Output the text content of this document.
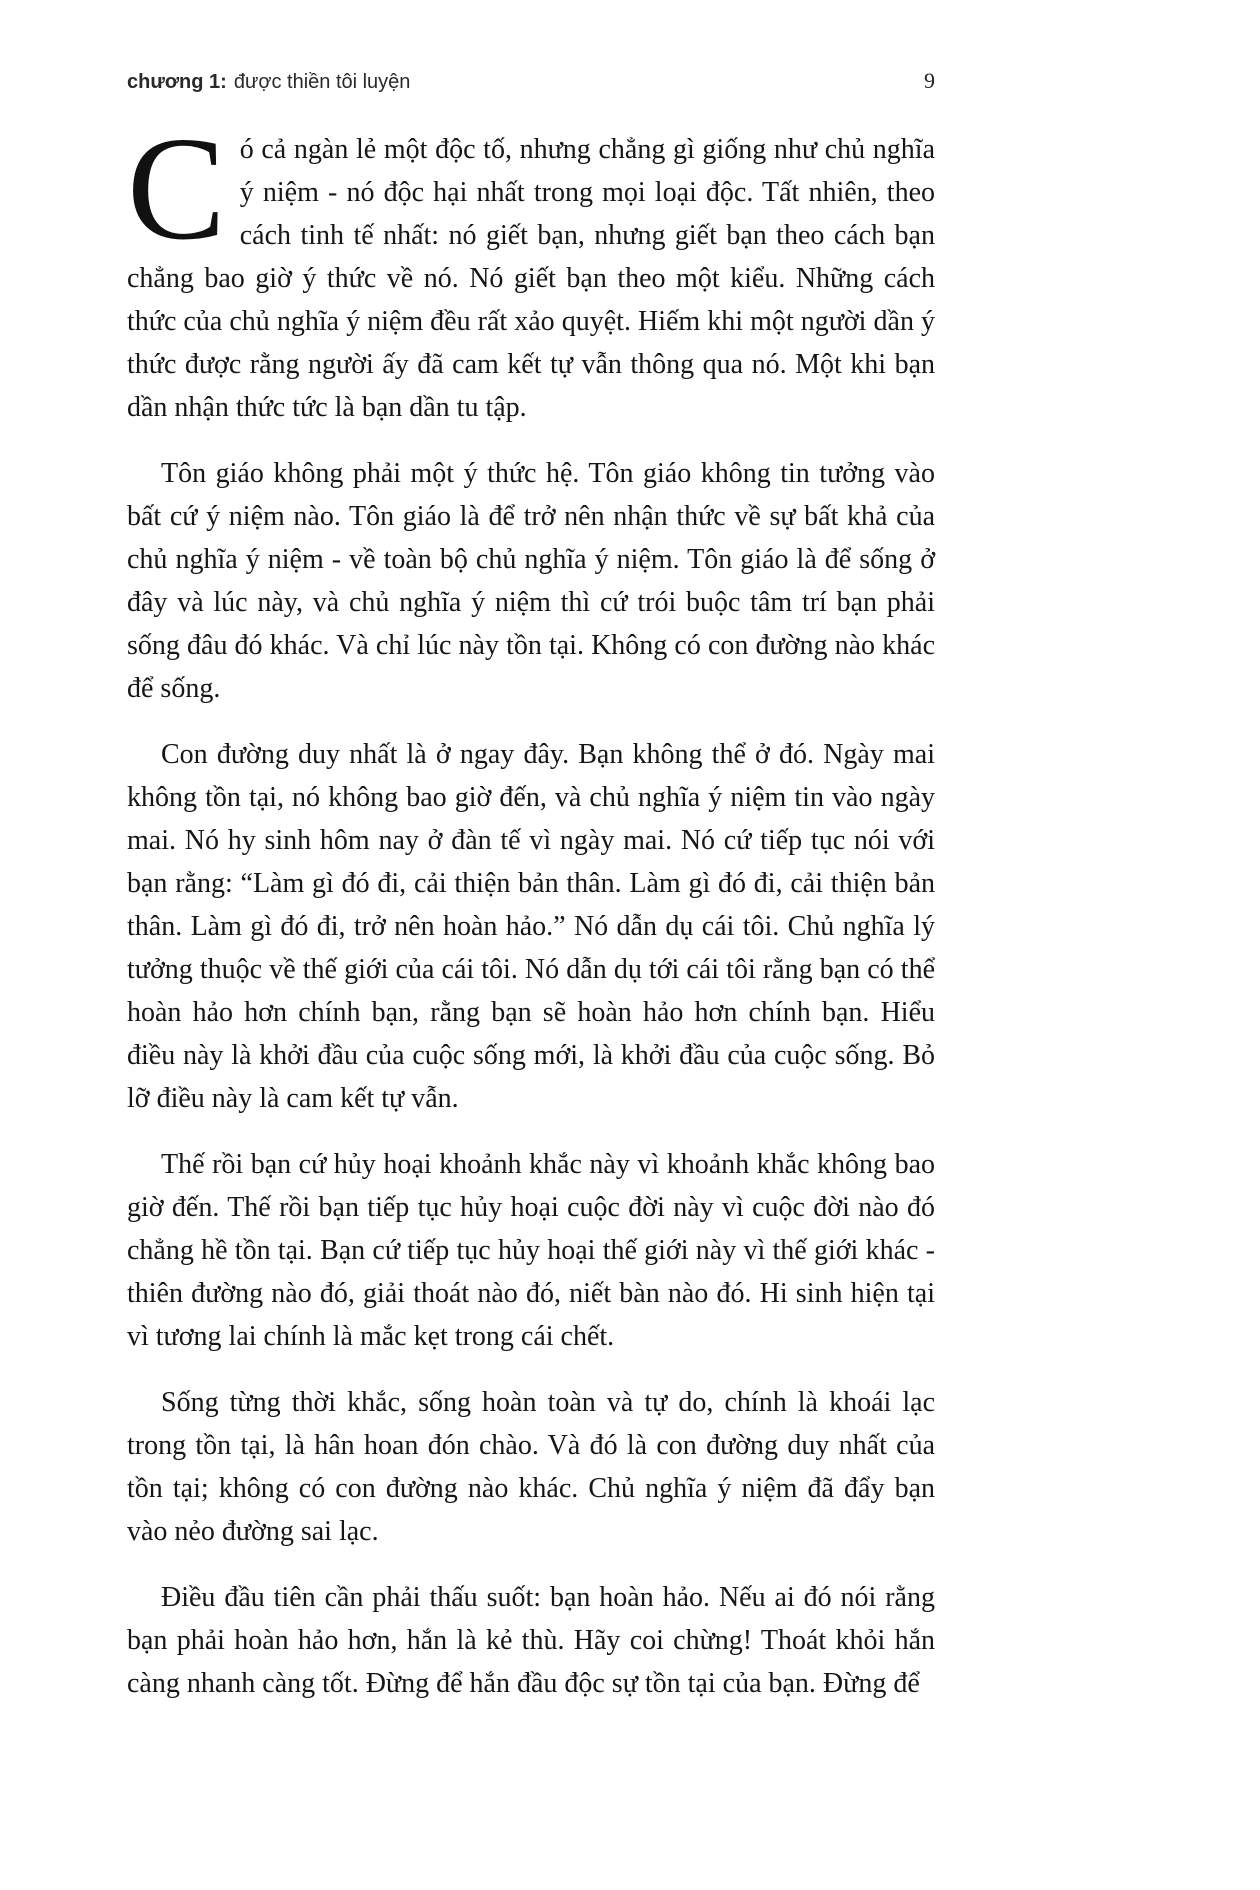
chương 1: được thiền tôi luyện	9

Có cả ngàn lẻ một độc tố, nhưng chẳng gì giống như chủ nghĩa ý niệm - nó độc hại nhất trong mọi loại độc. Tất nhiên, theo cách tinh tế nhất: nó giết bạn, nhưng giết bạn theo cách bạn chẳng bao giờ ý thức về nó. Nó giết bạn theo một kiểu. Những cách thức của chủ nghĩa ý niệm đều rất xảo quyệt. Hiếm khi một người dần ý thức được rằng người ấy đã cam kết tự vẫn thông qua nó. Một khi bạn dần nhận thức tức là bạn dần tu tập.

Tôn giáo không phải một ý thức hệ. Tôn giáo không tin tưởng vào bất cứ ý niệm nào. Tôn giáo là để trở nên nhận thức về sự bất khả của chủ nghĩa ý niệm - về toàn bộ chủ nghĩa ý niệm. Tôn giáo là để sống ở đây và lúc này, và chủ nghĩa ý niệm thì cứ trói buộc tâm trí bạn phải sống đâu đó khác. Và chỉ lúc này tồn tại. Không có con đường nào khác để sống.

Con đường duy nhất là ở ngay đây. Bạn không thể ở đó. Ngày mai không tồn tại, nó không bao giờ đến, và chủ nghĩa ý niệm tin vào ngày mai. Nó hy sinh hôm nay ở đàn tế vì ngày mai. Nó cứ tiếp tục nói với bạn rằng: “Làm gì đó đi, cải thiện bản thân. Làm gì đó đi, cải thiện bản thân. Làm gì đó đi, trở nên hoàn hảo.” Nó dẫn dụ cái tôi. Chủ nghĩa lý tưởng thuộc về thế giới của cái tôi. Nó dẫn dụ tới cái tôi rằng bạn có thể hoàn hảo hơn chính bạn, rằng bạn sẽ hoàn hảo hơn chính bạn. Hiểu điều này là khởi đầu của cuộc sống mới, là khởi đầu của cuộc sống. Bỏ lỡ điều này là cam kết tự vẫn.

Thế rồi bạn cứ hủy hoại khoảnh khắc này vì khoảnh khắc không bao giờ đến. Thế rồi bạn tiếp tục hủy hoại cuộc đời này vì cuộc đời nào đó chẳng hề tồn tại. Bạn cứ tiếp tục hủy hoại thế giới này vì thế giới khác - thiên đường nào đó, giải thoát nào đó, niết bàn nào đó. Hi sinh hiện tại vì tương lai chính là mắc kẹt trong cái chết.

Sống từng thời khắc, sống hoàn toàn và tự do, chính là khoái lạc trong tồn tại, là hân hoan đón chào. Và đó là con đường duy nhất của tồn tại; không có con đường nào khác. Chủ nghĩa ý niệm đã đẩy bạn vào nẻo đường sai lạc.

Điều đầu tiên cần phải thấu suốt: bạn hoàn hảo. Nếu ai đó nói rằng bạn phải hoàn hảo hơn, hắn là kẻ thù. Hãy coi chừng! Thoát khỏi hắn càng nhanh càng tốt. Đừng để hắn đầu độc sự tồn tại của bạn. Đừng để
